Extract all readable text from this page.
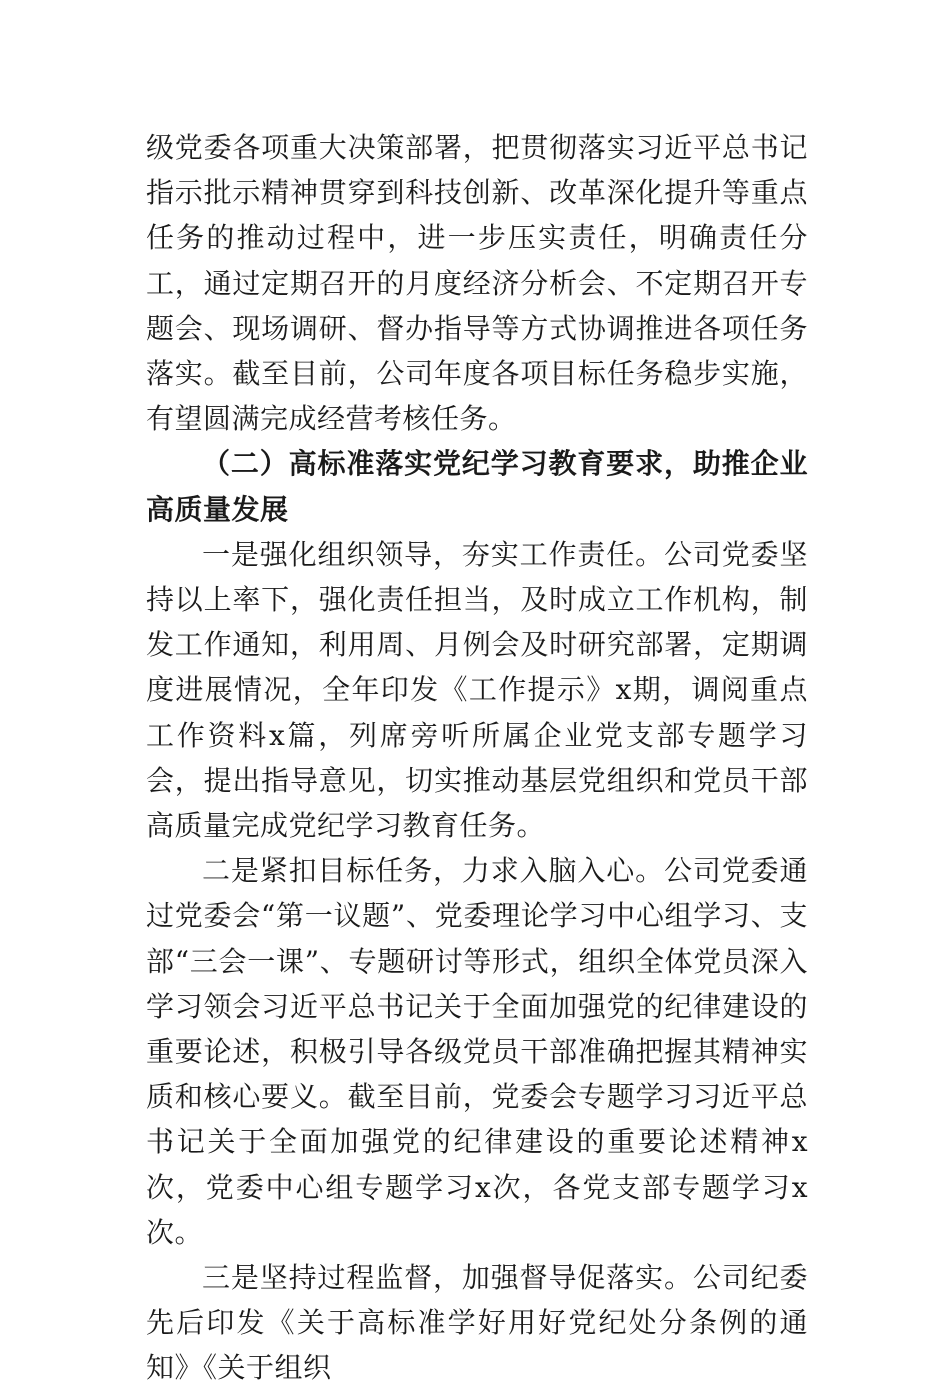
级党委各项重大决策部署，把贯彻落实习近平总书记指示批示精神贯穿到科技创新、改革深化提升等重点任务的推动过程中，进一步压实责任，明确责任分工，通过定期召开的月度经济分析会、不定期召开专题会、现场调研、督办指导等方式协调推进各项任务落实。截至目前，公司年度各项目标任务稳步实施，有望圆满完成经营考核任务。

（二）高标准落实党纪学习教育要求，助推企业高质量发展

一是强化组织领导，夯实工作责任。公司党委坚持以上率下，强化责任担当，及时成立工作机构，制发工作通知，利用周、月例会及时研究部署，定期调度进展情况，全年印发《工作提示》x期，调阅重点工作资料x篇，列席旁听所属企业党支部专题学习会，提出指导意见，切实推动基层党组织和党员干部高质量完成党纪学习教育任务。

二是紧扣目标任务，力求入脑入心。公司党委通过党委会“第一议题”、党委理论学习中心组学习、支部“三会一课”、专题研讨等形式，组织全体党员深入学习领会习近平总书记关于全面加强党的纪律建设的重要论述，积极引导各级党员干部准确把握其精神实质和核心要义。截至目前，党委会专题学习习近平总书记关于全面加强党的纪律建设的重要论述精神x次，党委中心组专题学习x次，各党支部专题学习x次。

三是坚持过程监督，加强督导促落实。公司纪委先后印发《关于高标准学好用好党纪处分条例的通知》《关于组织
